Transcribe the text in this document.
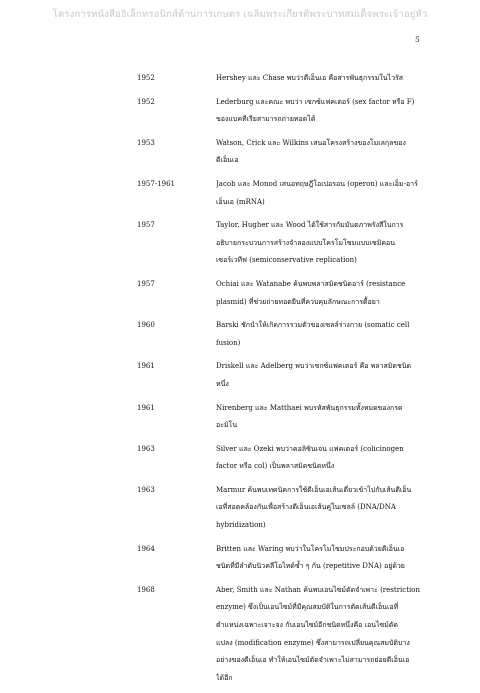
โครงการหนังสืออิเล็กทรอนิกส์ด้านการเกษตร เฉลิมพระเกียรติพระบาทสมเด็จพระเจ้าอยู่หัว
5
1952	Hershey และ Chase พบว่าดีเอ็นเอ คือสารพันธุกรรมในไวรัส
1952	Lederburg และคณะ พบว่า เซกซ์แฟคเตอร์ (sex factor หรือ F)
ของแบคทีเรียสามารถถ่ายทอดได้
1953	Watson, Crick และ Wilkins เสนอโครงสร้างของโมเลกุลของ
ดีเอ็นเอ
1957-1961	Jacob และ Monod เสนอทฤษฎีโอเปอรอน (operon) และเอ็ม-อาร์
เอ็นเอ (mRNA)
1957	Taylor, Hugher และ Wood ได้ใช้สารกัมมันตภาพรังสีในการ
อธิบายกระบวนการสร้างจำลองแบบโครโมโซมแบบเซมิคอน
เซอร์เวทีฟ (semiconservative replication)
1957	Ochiai และ Watanabe ค้นพบพลาสมิดชนิดอาร์ (resistance
plasmid) ที่ช่วยถ่ายทอดยีนที่ควบคุมลักษณะการดื้อยา
1960	Barski ชักนำให้เกิดการรวมตัวของเซลล์ร่างกาย (somatic cell
fusion)
1961	Driskell และ Adelberg พบว่าเซกซ์แฟคเตอร์ คือ พลาสมิดชนิด
หนึ่ง
1961	Nirenberg และ Matthaei พบรหัสพันธุกรรมทั้งหมดของกรด
อะมิโน
1963	Silver และ Ozeki พบว่าคอลิซินเจน แฟคเตอร์ (colicinogen
factor หรือ col) เป็นพลาสมิดชนิดหนึ่ง
1963	Marmur ค้นพบเทคนิคการใช้ดีเอ็นเอเส้นเดี่ยวเข้าไปกับเส้นดีเอ็น
เอที่สอดคล้องกันเพื่อสร้างดีเอ็นเอเส้นคู่ในเซลล์ (DNA/DNA
hybridization)
1964	Britten และ Waring พบว่าในโครโมโซมประกอบด้วยดีเอ็นเอ
ชนิดที่มีลำดับนิวคลีโอไทด์ซ้ำ ๆ กัน (repetitive DNA) อยู่ด้วย
1968	Aber, Smith และ Nathan ค้นพบเอนไซม์ตัดจำเพาะ (restriction
enzyme) ซึ่งเป็นเอนไซม์ที่มีคุณสมบัติในการตัดเส้นดีเอ็นเอที่
ตำแหน่งเฉพาะเจาะจง กับเอนไซม์อีกชนิดหนึ่งคือ เอนไซม์ดัด
แปลง (modification enzyme) ซึ่งสามารถเปลี่ยนคุณสมบัติบาง
อย่างของดีเอ็นเอ ทำให้เอนไซม์ตัดจำเพาะไม่สามารถย่อยดีเอ็นเอ
ได้อีก
